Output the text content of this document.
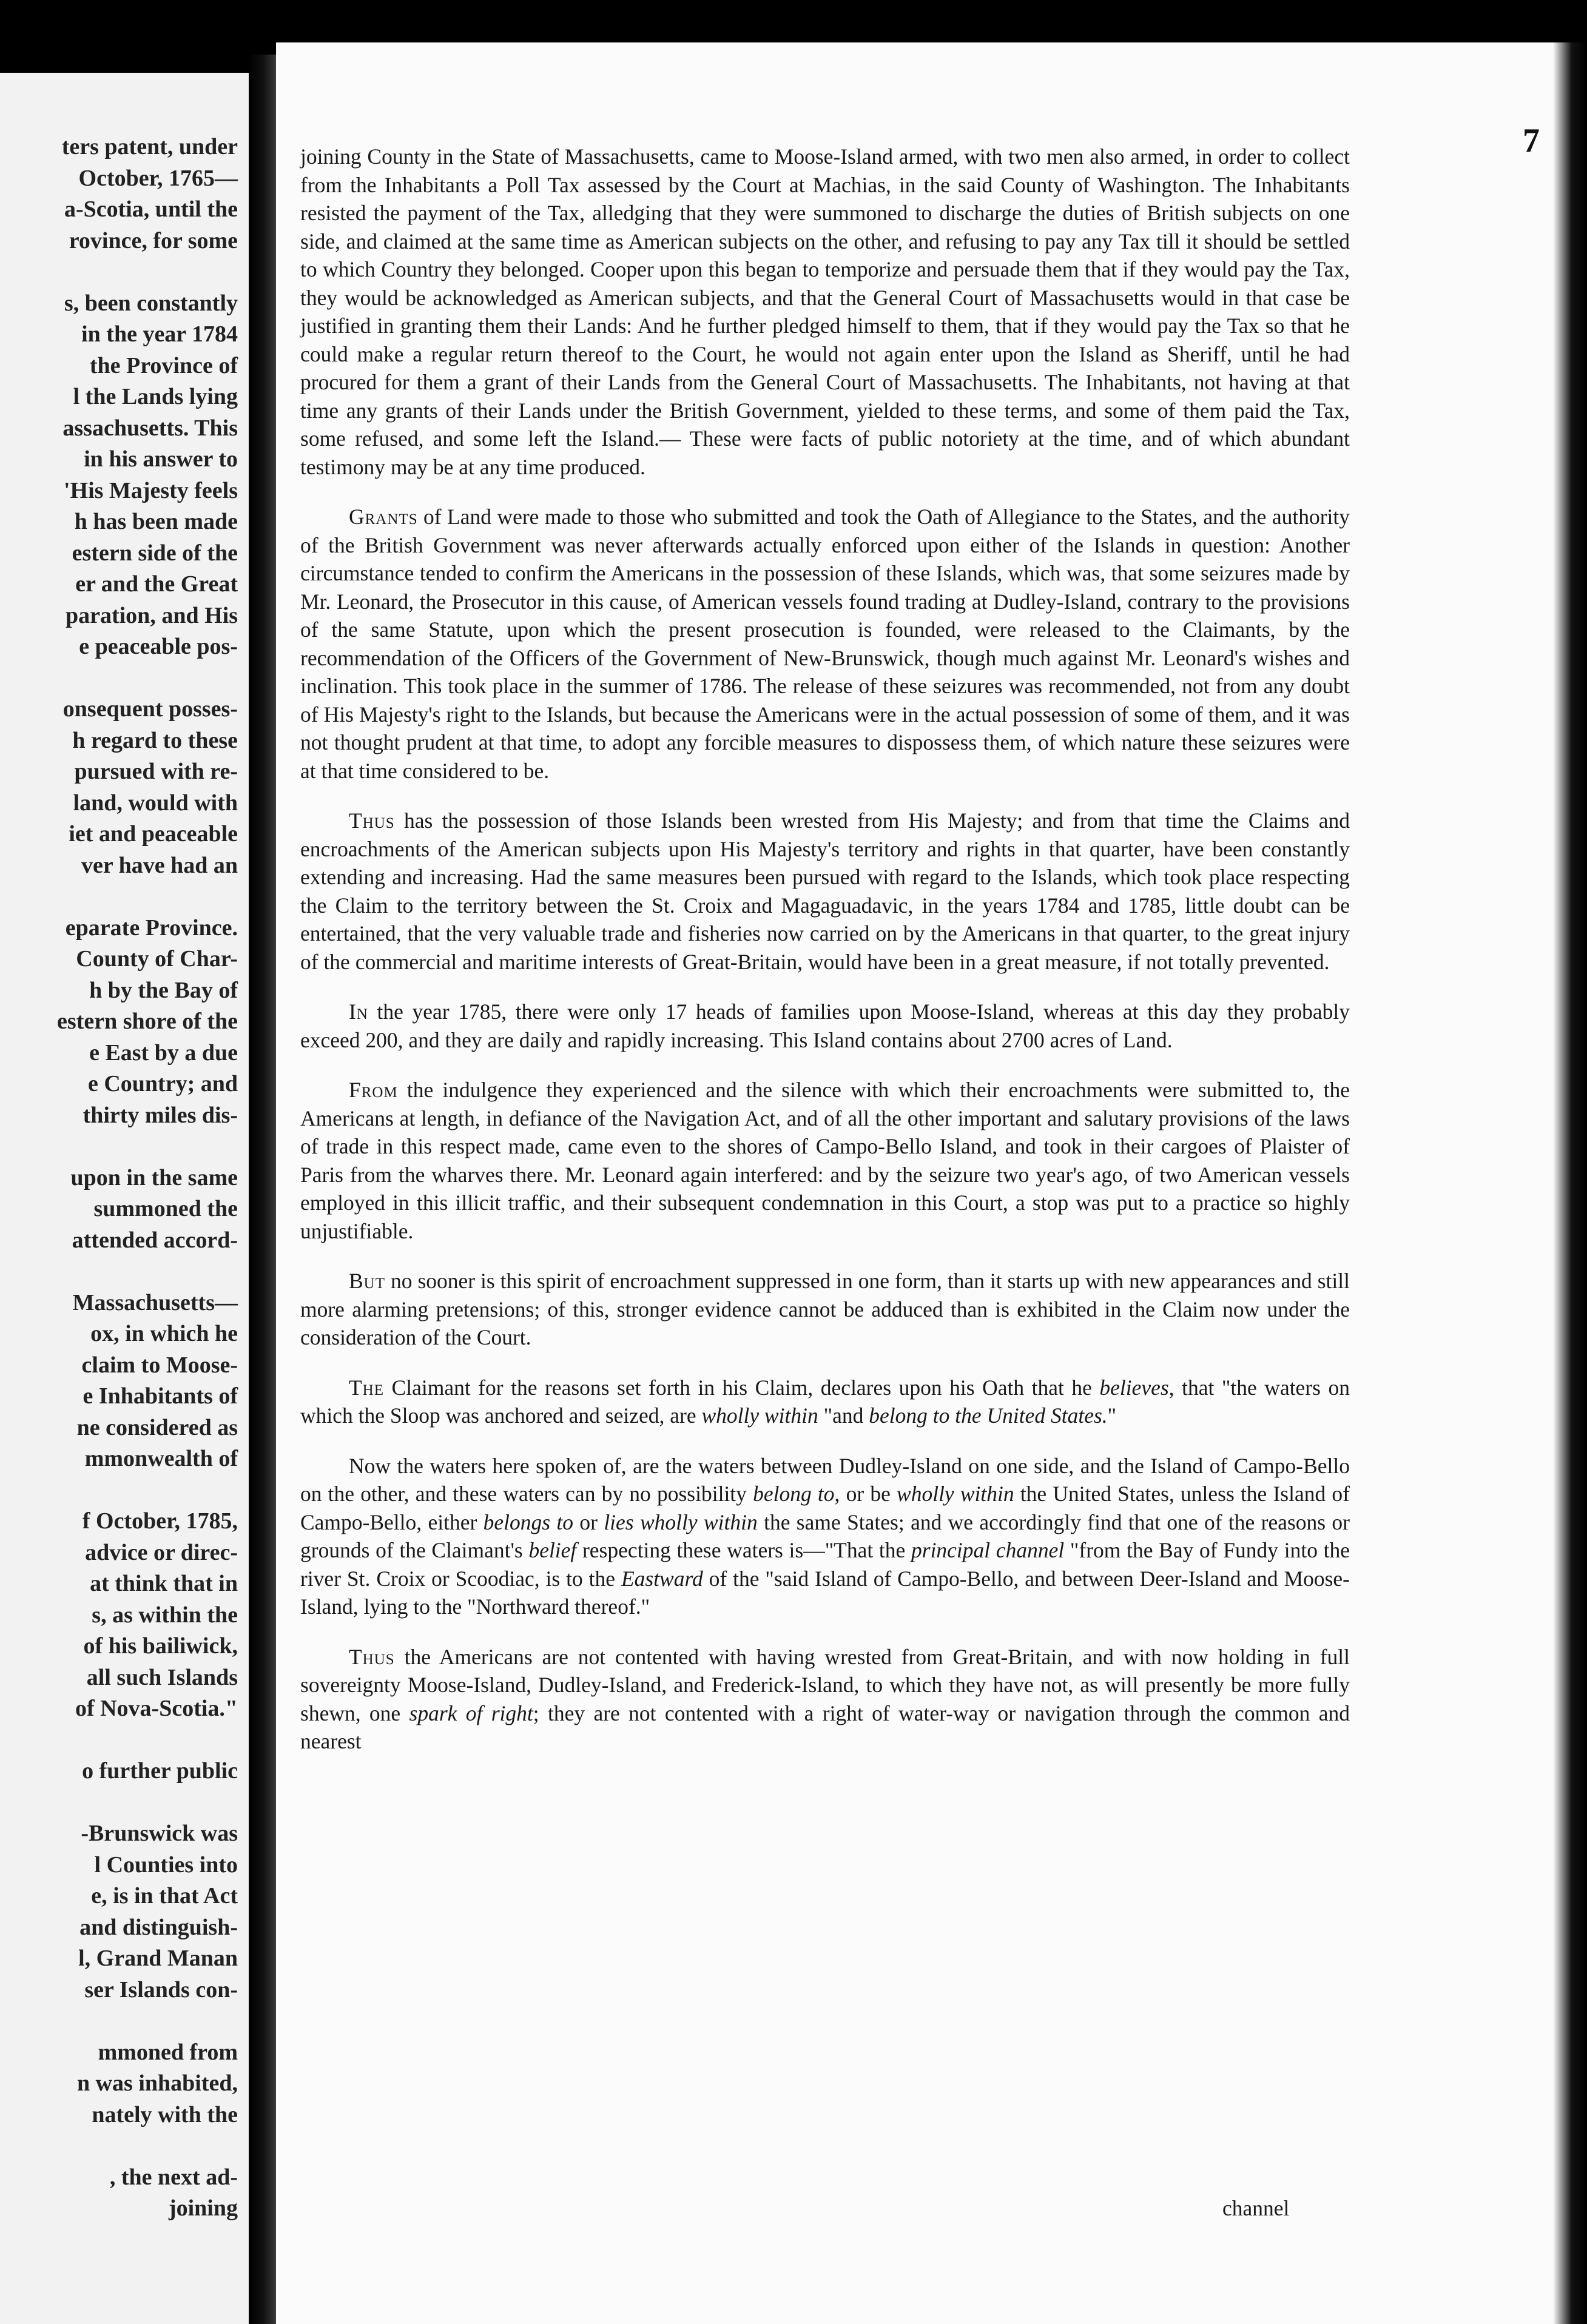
ters patent, under
October, 1765—
a-Scotia, until the
rovince, for some
s, been constantly
in the year 1784
the Province of
l the Lands lying
assachusetts. This
in his answer to
'His Majesty feels
h has been made
estern side of the
er and the Great
paration, and His
e peaceable pos-
onsequent posses-
h regard to these
pursued with re-
land, would with
iet and peaceable
ver have had an
eparate Province.
County of Char-
h by the Bay of
estern shore of the
e East by a due
e Country; and
thirty miles dis-
upon in the same
summoned the
attended accord-
Massachusetts—
ox, in which he
claim to Moose-
e Inhabitants of
ne considered as
mmonwealth of
f October, 1785,
advice or direc-
at think that in
s, as within the
of his bailiwick,
all such Islands
of Nova-Scotia."
o further public
-Brunswick was
l Counties into
e, is in that Act
and distinguish-
l, Grand Manan
ser Islands con-
mmoned from
n was inhabited,
nately with the
, the next ad-
joining
7

joining County in the State of Massachusetts, came to Moose-Island armed, with two men also armed, in order to collect from the Inhabitants a Poll Tax assessed by the Court at Machias, in the said County of Washington. The Inhabitants resisted the payment of the Tax, alledging that they were summoned to discharge the duties of British subjects on one side, and claimed at the same time as American subjects on the other, and refusing to pay any Tax till it should be settled to which Country they belonged. Cooper upon this began to temporize and persuade them that if they would pay the Tax, they would be acknowledged as American subjects, and that the General Court of Massachusetts would in that case be justified in granting them their Lands: And he further pledged himself to them, that if they would pay the Tax so that he could make a regular return thereof to the Court, he would not again enter upon the Island as Sheriff, until he had procured for them a grant of their Lands from the General Court of Massachusetts. The Inhabitants, not having at that time any grants of their Lands under the British Government, yielded to these terms, and some of them paid the Tax, some refused, and some left the Island.— These were facts of public notoriety at the time, and of which abundant testimony may be at any time produced.

Grants of Land were made to those who submitted and took the Oath of Allegiance to the States, and the authority of the British Government was never afterwards actually enforced upon either of the Islands in question: Another circumstance tended to confirm the Americans in the possession of these Islands, which was, that some seizures made by Mr. Leonard, the Prosecutor in this cause, of American vessels found trading at Dudley-Island, contrary to the provisions of the same Statute, upon which the present prosecution is founded, were released to the Claimants, by the recommendation of the Officers of the Government of New-Brunswick, though much against Mr. Leonard's wishes and inclination. This took place in the summer of 1786. The release of these seizures was recommended, not from any doubt of His Majesty's right to the Islands, but because the Americans were in the actual possession of some of them, and it was not thought prudent at that time, to adopt any forcible measures to dispossess them, of which nature these seizures were at that time considered to be.

Thus has the possession of those Islands been wrested from His Majesty; and from that time the Claims and encroachments of the American subjects upon His Majesty's territory and rights in that quarter, have been constantly extending and increasing. Had the same measures been pursued with regard to the Islands, which took place respecting the Claim to the territory between the St. Croix and Magaguadavic, in the years 1784 and 1785, little doubt can be entertained, that the very valuable trade and fisheries now carried on by the Americans in that quarter, to the great injury of the commercial and maritime interests of Great-Britain, would have been in a great measure, if not totally prevented.

In the year 1785, there were only 17 heads of families upon Moose-Island, whereas at this day they probably exceed 200, and they are daily and rapidly increasing. This Island contains about 2700 acres of Land.

From the indulgence they experienced and the silence with which their encroachments were submitted to, the Americans at length, in defiance of the Navigation Act, and of all the other important and salutary provisions of the laws of trade in this respect made, came even to the shores of Campo-Bello Island, and took in their cargoes of Plaister of Paris from the wharves there. Mr. Leonard again interfered: and by the seizure two year's ago, of two American vessels employed in this illicit traffic, and their subsequent condemnation in this Court, a stop was put to a practice so highly unjustifiable.

But no sooner is this spirit of encroachment suppressed in one form, than it starts up with new appearances and still more alarming pretensions; of this, stronger evidence cannot be adduced than is exhibited in the Claim now under the consideration of the Court.

The Claimant for the reasons set forth in his Claim, declares upon his Oath that he believes, that "the waters on which the Sloop was anchored and seized, are wholly within "and belong to the United States."

Now the waters here spoken of, are the waters between Dudley-Island on one side, and the Island of Campo-Bello on the other, and these waters can by no possibility belong to, or be wholly within the United States, unless the Island of Campo-Bello, either belongs to or lies wholly within the same States; and we accordingly find that one of the reasons or grounds of the Claimant's belief respecting these waters is—"That the principal channel "from the Bay of Fundy into the river St. Croix or Scoodiac, is to the Eastward of the "said Island of Campo-Bello, and between Deer-Island and Moose-Island, lying to the "Northward thereof."

Thus the Americans are not contented with having wrested from Great-Britain, and with now holding in full sovereignty Moose-Island, Dudley-Island, and Frederick-Island, to which they have not, as will presently be more fully shewn, one spark of right; they are not contented with a right of water-way or navigation through the common and nearest

channel
